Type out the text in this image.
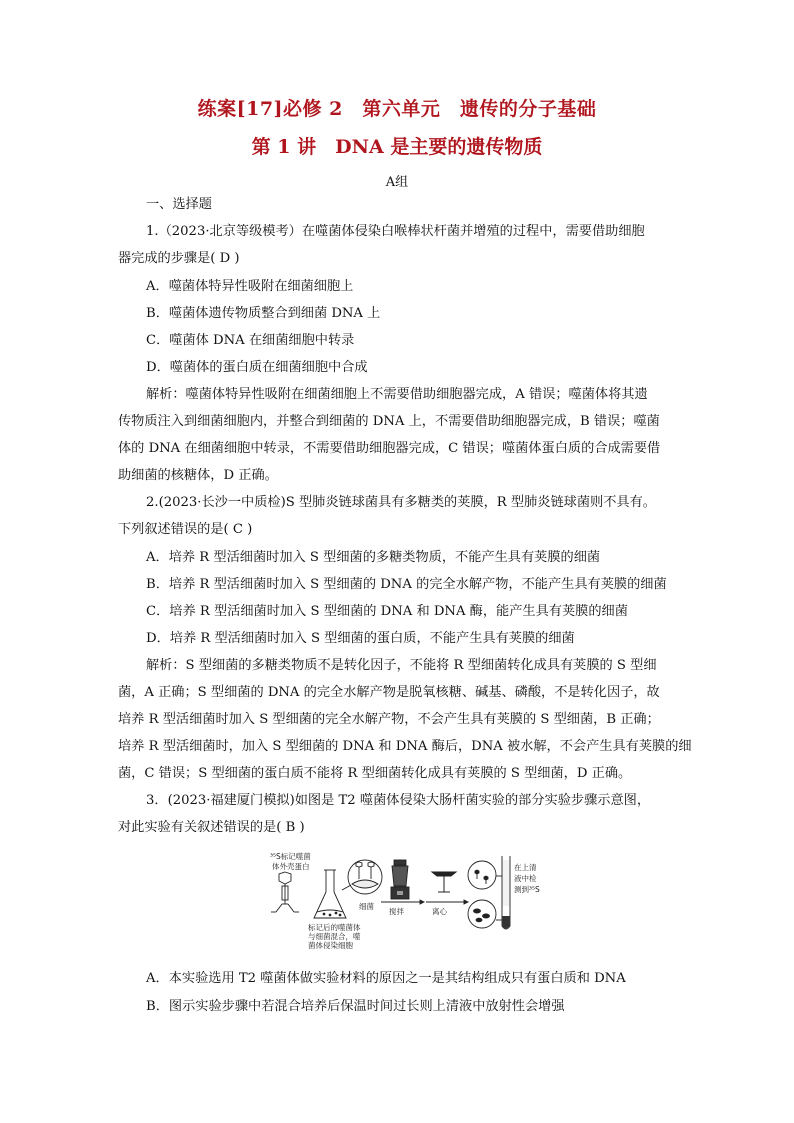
练案[17]必修 2　第六单元　遗传的分子基础
第 1 讲　DNA 是主要的遗传物质
A组
一、选择题
1.（2023·北京等级模考）在噬菌体侵染白喉棒状杆菌并增殖的过程中，需要借助细胞
器完成的步骤是( D )
A．噬菌体特异性吸附在细菌细胞上
B．噬菌体遗传物质整合到细菌 DNA 上
C．噬菌体 DNA 在细菌细胞中转录
D．噬菌体的蛋白质在细菌细胞中合成
解析：噬菌体特异性吸附在细菌细胞上不需要借助细胞器完成，A 错误；噬菌体将其遗
传物质注入到细菌细胞内，并整合到细菌的 DNA 上，不需要借助细胞器完成，B 错误；噬菌
体的 DNA 在细菌细胞中转录，不需要借助细胞器完成，C 错误；噬菌体蛋白质的合成需要借
助细菌的核糖体，D 正确。
2.(2023·长沙一中质检)S 型肺炎链球菌具有多糖类的荚膜，R 型肺炎链球菌则不具有。
下列叙述错误的是( C )
A．培养 R 型活细菌时加入 S 型细菌的多糖类物质，不能产生具有荚膜的细菌
B．培养 R 型活细菌时加入 S 型细菌的 DNA 的完全水解产物，不能产生具有荚膜的细菌
C．培养 R 型活细菌时加入 S 型细菌的 DNA 和 DNA 酶，能产生具有荚膜的细菌
D．培养 R 型活细菌时加入 S 型细菌的蛋白质，不能产生具有荚膜的细菌
解析：S 型细菌的多糖类物质不是转化因子，不能将 R 型细菌转化成具有荚膜的 S 型细
菌，A 正确；S 型细菌的 DNA 的完全水解产物是脱氧核糖、碱基、磷酸，不是转化因子，故
培养 R 型活细菌时加入 S 型细菌的完全水解产物，不会产生具有荚膜的 S 型细菌，B 正确；
培养 R 型活细菌时，加入 S 型细菌的 DNA 和 DNA 酶后，DNA 被水解，不会产生具有荚膜的细
菌，C 错误；S 型细菌的蛋白质不能将 R 型细菌转化成具有荚膜的 S 型细菌，D 正确。
3．(2023·福建厦门模拟)如图是 T2 噬菌体侵染大肠杆菌实验的部分实验步骤示意图，
对此实验有关叙述错误的是( B )
³⁵S标记噬菌
体外壳蛋白
细菌
搅拌	离心
在上清
液中检
测到³⁵S
标记后的噬菌体
与细菌混合，噬
菌体侵染细胞
A．本实验选用 T2 噬菌体做实验材料的原因之一是其结构组成只有蛋白质和 DNA
B．图示实验步骤中若混合培养后保温时间过长则上清液中放射性会增强
